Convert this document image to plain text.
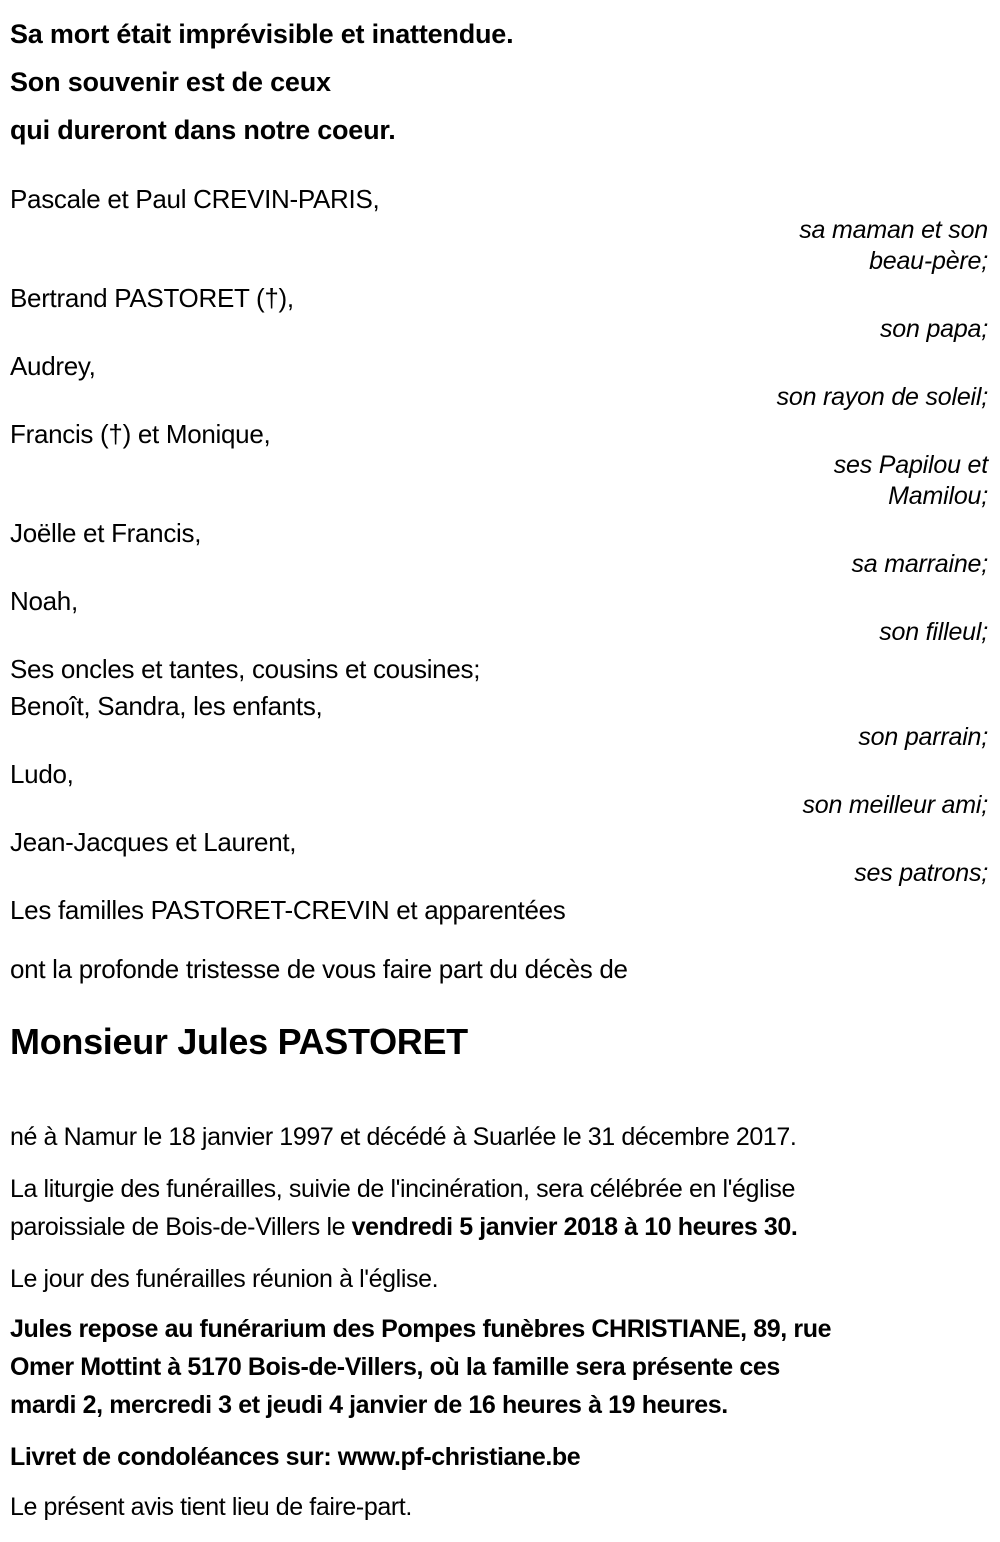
Sa mort était imprévisible et inattendue.
Son souvenir est de ceux
qui dureront dans notre coeur.
Pascale et Paul CREVIN-PARIS,
sa maman et son
beau-père;
Bertrand PASTORET (†),
son papa;
Audrey,
son rayon de soleil;
Francis (†) et Monique,
ses Papilou et
Mamilou;
Joëlle et Francis,
sa marraine;
Noah,
son filleul;
Ses oncles et tantes, cousins et cousines;
Benoît, Sandra, les enfants,
son parrain;
Ludo,
son meilleur ami;
Jean-Jacques et Laurent,
ses patrons;
Les familles PASTORET-CREVIN et apparentées
ont la profonde tristesse de vous faire part du décès de
Monsieur Jules PASTORET
né à Namur le 18 janvier 1997 et décédé à Suarlée le 31 décembre 2017.
La liturgie des funérailles, suivie de l'incinération, sera célébrée en l'église
paroissiale de Bois-de-Villers le vendredi 5 janvier 2018 à 10 heures 30.
Le jour des funérailles réunion à l'église.
Jules repose au funérarium des Pompes funèbres CHRISTIANE, 89, rue
Omer Mottint à 5170 Bois-de-Villers, où la famille sera présente ces
mardi 2, mercredi 3 et jeudi 4 janvier de 16 heures à 19 heures.
Livret de condoléances sur: www.pf-christiane.be
Le présent avis tient lieu de faire-part.
